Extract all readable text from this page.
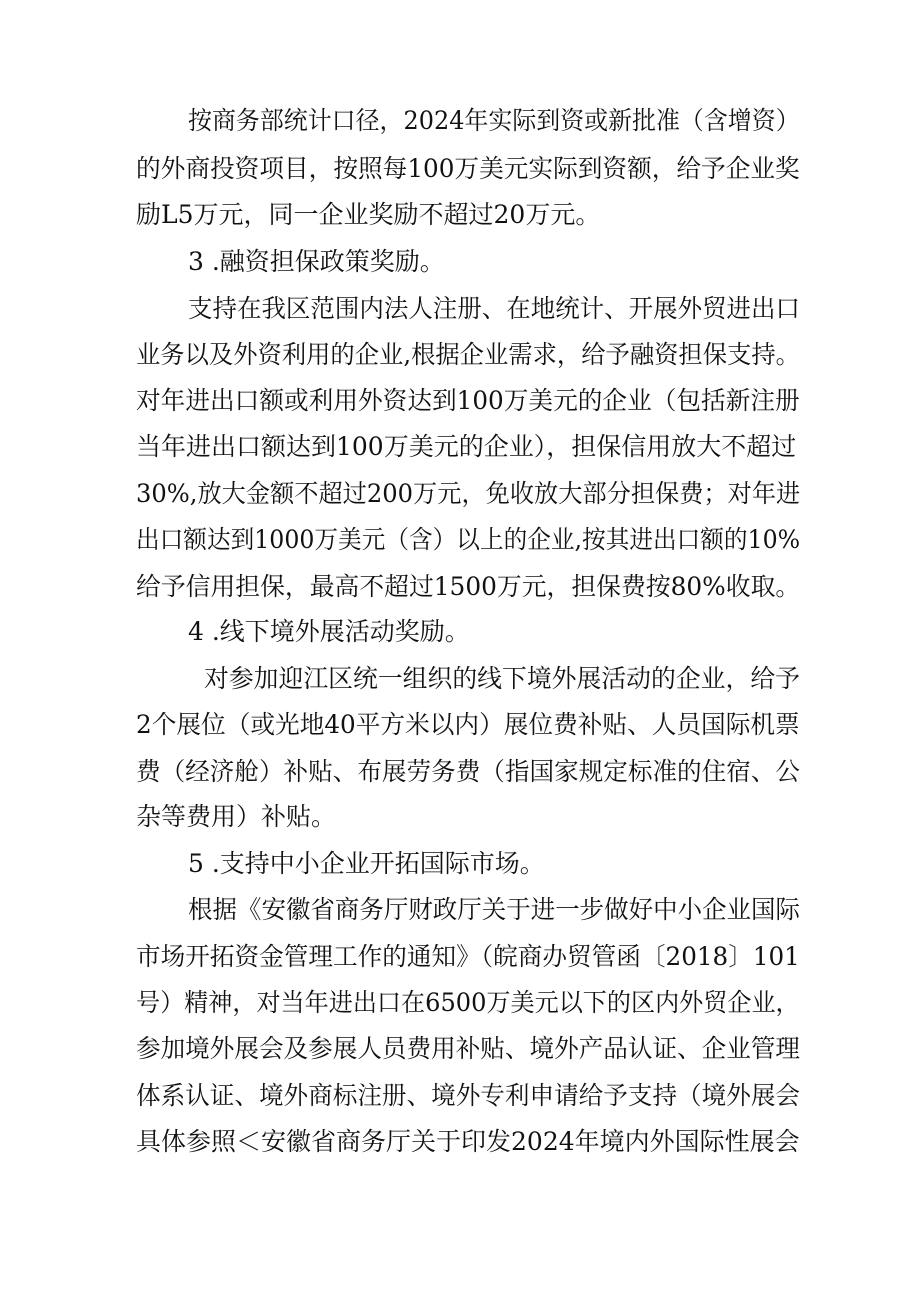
按商务部统计口径，2024年实际到资或新批准（含增资）
的外商投资项目，按照每100万美元实际到资额，给予企业奖
励L5万元，同一企业奖励不超过20万元。
3 .融资担保政策奖励。
支持在我区范围内法人注册、在地统计、开展外贸进出口
业务以及外资利用的企业,根据企业需求，给予融资担保支持。
对年进出口额或利用外资达到100万美元的企业（包括新注册
当年进出口额达到100万美元的企业），担保信用放大不超过
30%,放大金额不超过200万元，免收放大部分担保费；对年进
出口额达到1000万美元（含）以上的企业,按其进出口额的10%
给予信用担保，最高不超过1500万元，担保费按80%收取。
4 .线下境外展活动奖励。
对参加迎江区统一组织的线下境外展活动的企业，给予
2个展位（或光地40平方米以内）展位费补贴、人员国际机票
费（经济舱）补贴、布展劳务费（指国家规定标准的住宿、公
杂等费用）补贴。
5 .支持中小企业开拓国际市场。
根据《安徽省商务厅财政厅关于进一步做好中小企业国际
市场开拓资金管理工作的通知》（皖商办贸管函〔2018〕101
号）精神，对当年进出口在6500万美元以下的区内外贸企业，
参加境外展会及参展人员费用补贴、境外产品认证、企业管理
体系认证、境外商标注册、境外专利申请给予支持（境外展会
具体参照＜安徽省商务厅关于印发2024年境内外国际性展会
